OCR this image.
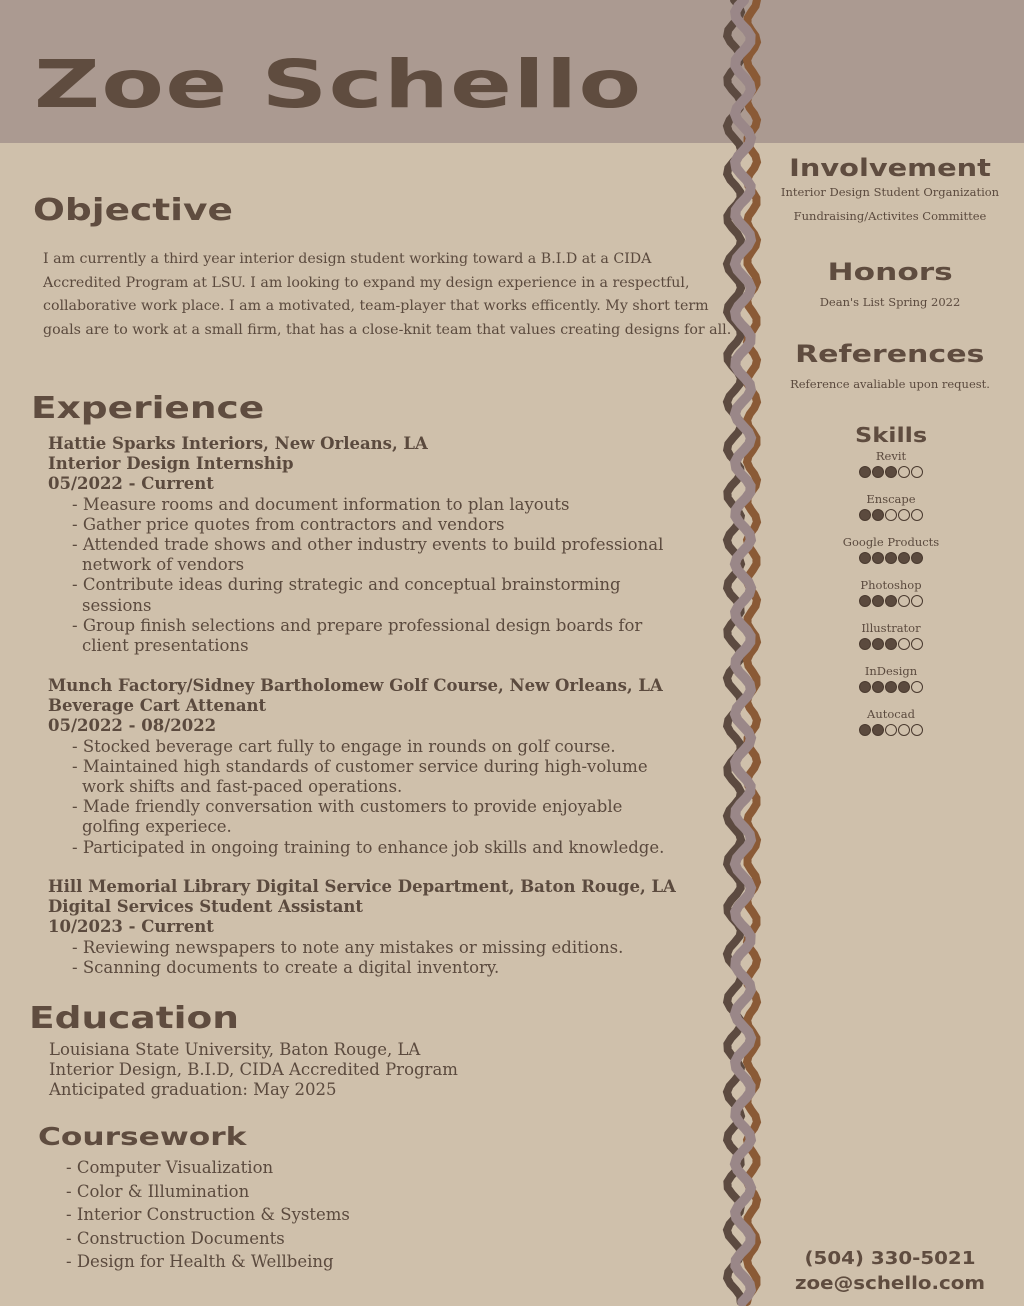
Zoe Schello
Objective
I am currently a third year interior design student working toward a B.I.D at a CIDA Accredited Program at LSU. I am looking to expand my design experience in a respectful, collaborative work place. I am a motivated, team-player that works efficently. My short term goals are to work at a small firm, that has a close-knit team that values creating designs for all.
Experience
Hattie Sparks Interiors, New Orleans, LA
Interior Design Internship
05/2022 - Current
- Measure rooms and document information to plan layouts
- Gather price quotes from contractors and vendors
- Attended trade shows and other industry events to build professional network of vendors
- Contribute ideas during strategic and conceptual brainstorming sessions
- Group finish selections and prepare professional design boards for client presentations
Munch Factory/Sidney Bartholomew Golf Course, New Orleans, LA
Beverage Cart Attenant
05/2022 - 08/2022
- Stocked beverage cart fully to engage in rounds on golf course.
- Maintained high standards of customer service during high-volume work shifts and fast-paced operations.
- Made friendly conversation with customers to provide enjoyable golfing experiece.
- Participated in ongoing training to enhance job skills and knowledge.
Hill Memorial Library Digital Service Department, Baton Rouge, LA
Digital Services Student Assistant
10/2023 - Current
- Reviewing newspapers to note any mistakes or missing editions.
- Scanning documents to create a digital inventory.
Education
Louisiana State University, Baton Rouge, LA
Interior Design, B.I.D, CIDA Accredited Program
Anticipated graduation: May 2025
Coursework
- Computer Visualization
- Color & Illumination
- Interior Construction & Systems
- Construction Documents
- Design for Health & Wellbeing
Involvement
Interior Design Student Organization
Fundraising/Activites Committee
Honors
Dean's List Spring 2022
References
Reference avaliable upon request.
Skills
Revit
Enscape
Google Products
Photoshop
Illustrator
InDesign
Autocad
(504) 330-5021
zoe@schello.com
